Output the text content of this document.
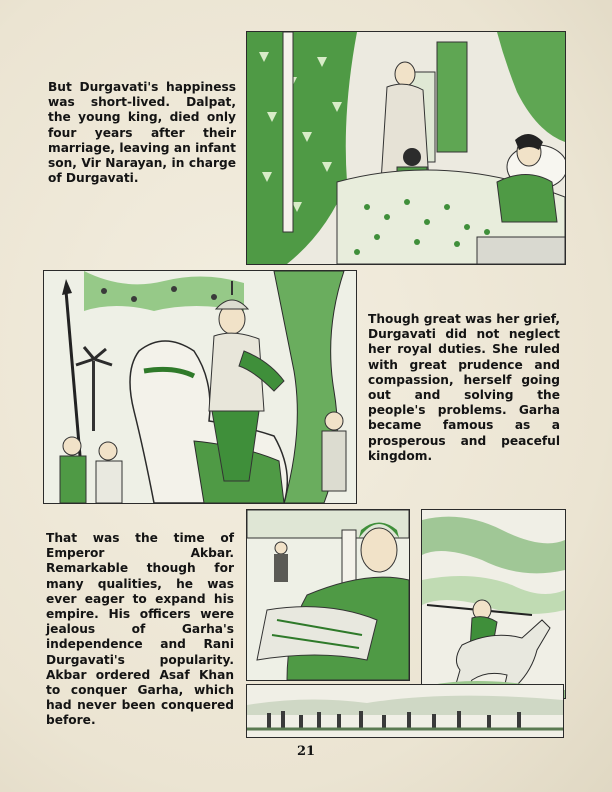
But Durgavati's happiness was short-lived. Dalpat, the young king, died only four years after their marriage, leaving an infant son, Vir Narayan, in charge of Durgavati.

Though great was her grief, Durgavati did not neglect her royal duties. She ruled with great prudence and compassion, herself going out and solving the people's problems. Garha became famous as a prosperous and peaceful kingdom.

That was the time of Emperor Akbar. Remarkable though for many qualities, he was ever eager to expand his empire. His officers were jealous of Garha's independence and Rani Durgavati's popularity. Akbar ordered Asaf Khan to conquer Garha, which had never been conquered before.

21
